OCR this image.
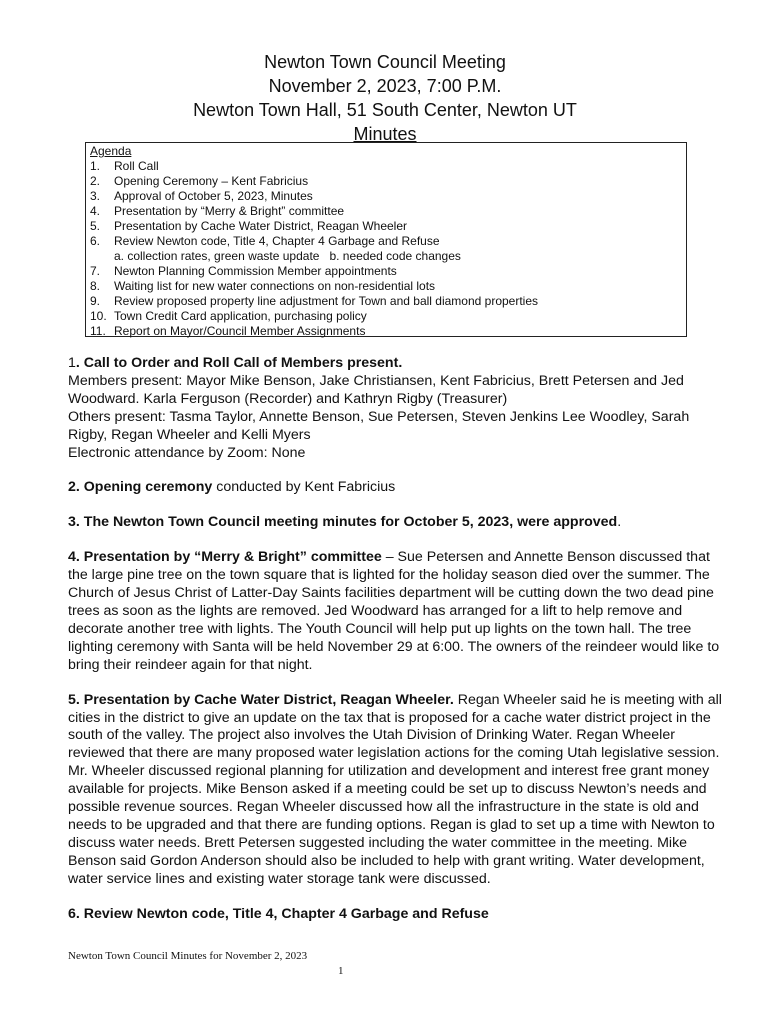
Newton Town Council Meeting
November 2, 2023, 7:00 P.M.
Newton Town Hall, 51 South Center, Newton UT
Minutes
Agenda
1.	Roll Call
2.	Opening Ceremony – Kent Fabricius
3.	Approval of October 5, 2023, Minutes
4.	Presentation by “Merry & Bright” committee
5.	Presentation by Cache Water District, Reagan Wheeler
6.	Review Newton code, Title 4, Chapter 4 Garbage and Refuse
a. collection rates, green waste update   b. needed code changes
7.	Newton Planning Commission Member appointments
8.	Waiting list for new water connections on non-residential lots
9.	Review proposed property line adjustment for Town and ball diamond properties
10. Town Credit Card application, purchasing policy
11. Report on Mayor/Council Member Assignments

1. Call to Order and Roll Call of Members present.

Members present: Mayor Mike Benson, Jake Christiansen, Kent Fabricius, Brett Petersen and Jed Woodward. Karla Ferguson (Recorder) and Kathryn Rigby (Treasurer)

Others present: Tasma Taylor, Annette Benson, Sue Petersen, Steven Jenkins Lee Woodley, Sarah Rigby, Regan Wheeler and Kelli Myers

Electronic attendance by Zoom: None

2. Opening ceremony conducted by Kent Fabricius

3. The Newton Town Council meeting minutes for October 5, 2023, were approved.

4. Presentation by “Merry & Bright” committee – Sue Petersen and Annette Benson discussed that the large pine tree on the town square that is lighted for the holiday season died over the summer. The Church of Jesus Christ of Latter-Day Saints facilities department will be cutting down the two dead pine trees as soon as the lights are removed. Jed Woodward has arranged for a lift to help remove and decorate another tree with lights. The Youth Council will help put up lights on the town hall. The tree lighting ceremony with Santa will be held November 29 at 6:00. The owners of the reindeer would like to bring their reindeer again for that night.

5. Presentation by Cache Water District, Reagan Wheeler. Regan Wheeler said he is meeting with all cities in the district to give an update on the tax that is proposed for a cache water district project in the south of the valley. The project also involves the Utah Division of Drinking Water. Regan Wheeler reviewed that there are many proposed water legislation actions for the coming Utah legislative session. Mr. Wheeler discussed regional planning for utilization and development and interest free grant money available for projects. Mike Benson asked if a meeting could be set up to discuss Newton’s needs and possible revenue sources. Regan Wheeler discussed how all the infrastructure in the state is old and needs to be upgraded and that there are funding options. Regan is glad to set up a time with Newton to discuss water needs. Brett Petersen suggested including the water committee in the meeting. Mike Benson said Gordon Anderson should also be included to help with grant writing. Water development, water service lines and existing water storage tank were discussed.

6. Review Newton code, Title 4, Chapter 4 Garbage and Refuse

Newton Town Council Minutes for November 2, 2023
1
